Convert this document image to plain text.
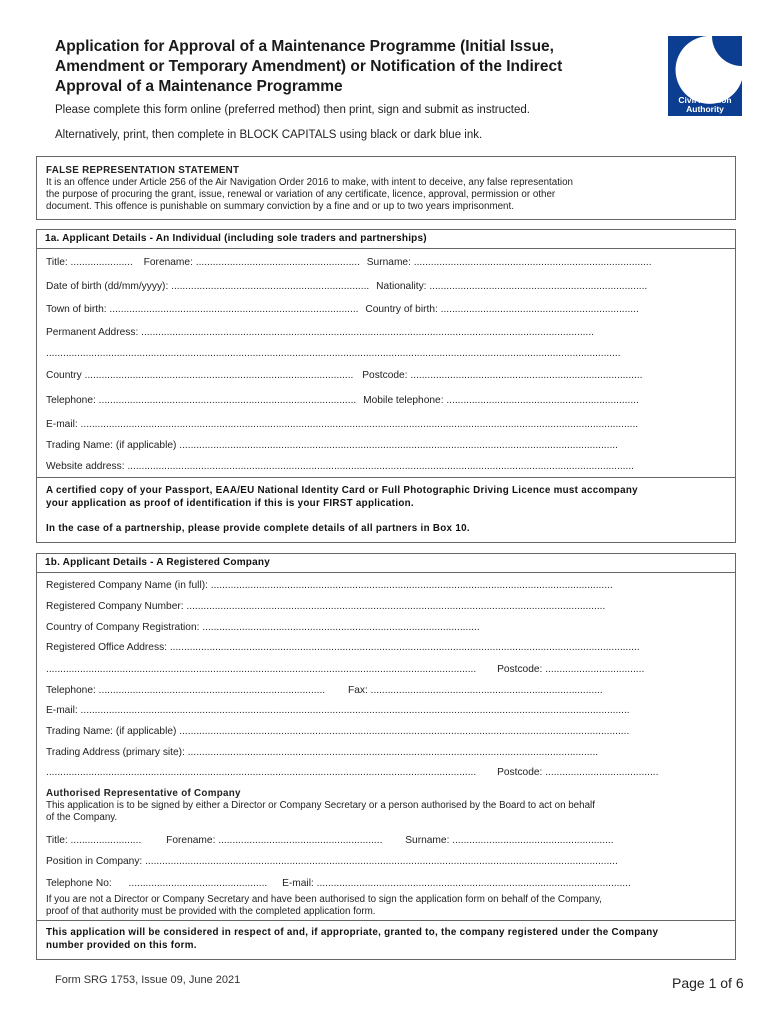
Application for Approval of a Maintenance Programme (Initial Issue,
Amendment or Temporary Amendment) or Notification of the Indirect
Approval of a Maintenance Programme
Civil Aviation
Authority
Please complete this form online (preferred method) then print, sign and submit as instructed.
Alternatively, print, then complete in BLOCK CAPITALS using black or dark blue ink.
FALSE REPRESENTATION STATEMENT
It is an offence under Article 256 of the Air Navigation Order 2016 to make, with intent to deceive, any false representation
the purpose of procuring the grant, issue, renewal or variation of any certificate, licence, approval, permission or other
document. This offence is punishable on summary conviction by a fine and or up to two years imprisonment.
1a. Applicant Details - An Individual (including sole traders and partnerships)
Title: ...................... Forename: .......................................................... Surname: ....................................................................................
Date of birth (dd/mm/yyyy): ...................................................................... Nationality: .............................................................................
Town of birth: ........................................................................................ Country of birth: ......................................................................
Permanent Address: ................................................................................................................................................................
...........................................................................................................................................................................................................
Country ............................................................................................... Postcode: ..................................................................................
Telephone: ........................................................................................... Mobile telephone: ....................................................................
E-mail: .....................................................................................................................................................................................................
Trading Name: (if applicable) ...........................................................................................................................................................
Website address: ...................................................................................................................................................................................
A certified copy of your Passport, EAA/EU National Identity Card or Full Photographic Driving Licence must accompany
your application as proof of identification if this is your FIRST application.
In the case of a partnership, please provide complete details of all partners in Box 10.
1b. Applicant Details - A Registered Company
Registered Company Name (in full): ..............................................................................................................................................
Registered Company Number: ....................................................................................................................................................
Country of Company Registration: ..................................................................................................
Registered Office Address: ......................................................................................................................................................................
........................................................................................................................................................ Postcode: ...................................
Telephone: ................................................................................ Fax: ..................................................................................
E-mail: ..................................................................................................................................................................................................
Trading Name: (if applicable) ...............................................................................................................................................................
Trading Address (primary site): .................................................................................................................................................
........................................................................................................................................................ Postcode: ........................................
Authorised Representative of Company
This application is to be signed by either a Director or Company Secretary or a person authorised by the Board to act on behalf
of the Company.
Title: ......................... Forename: .......................................................... Surname: .........................................................
Position in Company: .......................................................................................................................................................................
Telephone No: ................................................. E-mail: ...............................................................................................................
If you are not a Director or Company Secretary and have been authorised to sign the application form on behalf of the Company,
proof of that authority must be provided with the completed application form.
This application will be considered in respect of and, if appropriate, granted to, the company registered under the Company
number provided on this form.
Form SRG 1753, Issue 09, June 2021	Page 1 of 6
